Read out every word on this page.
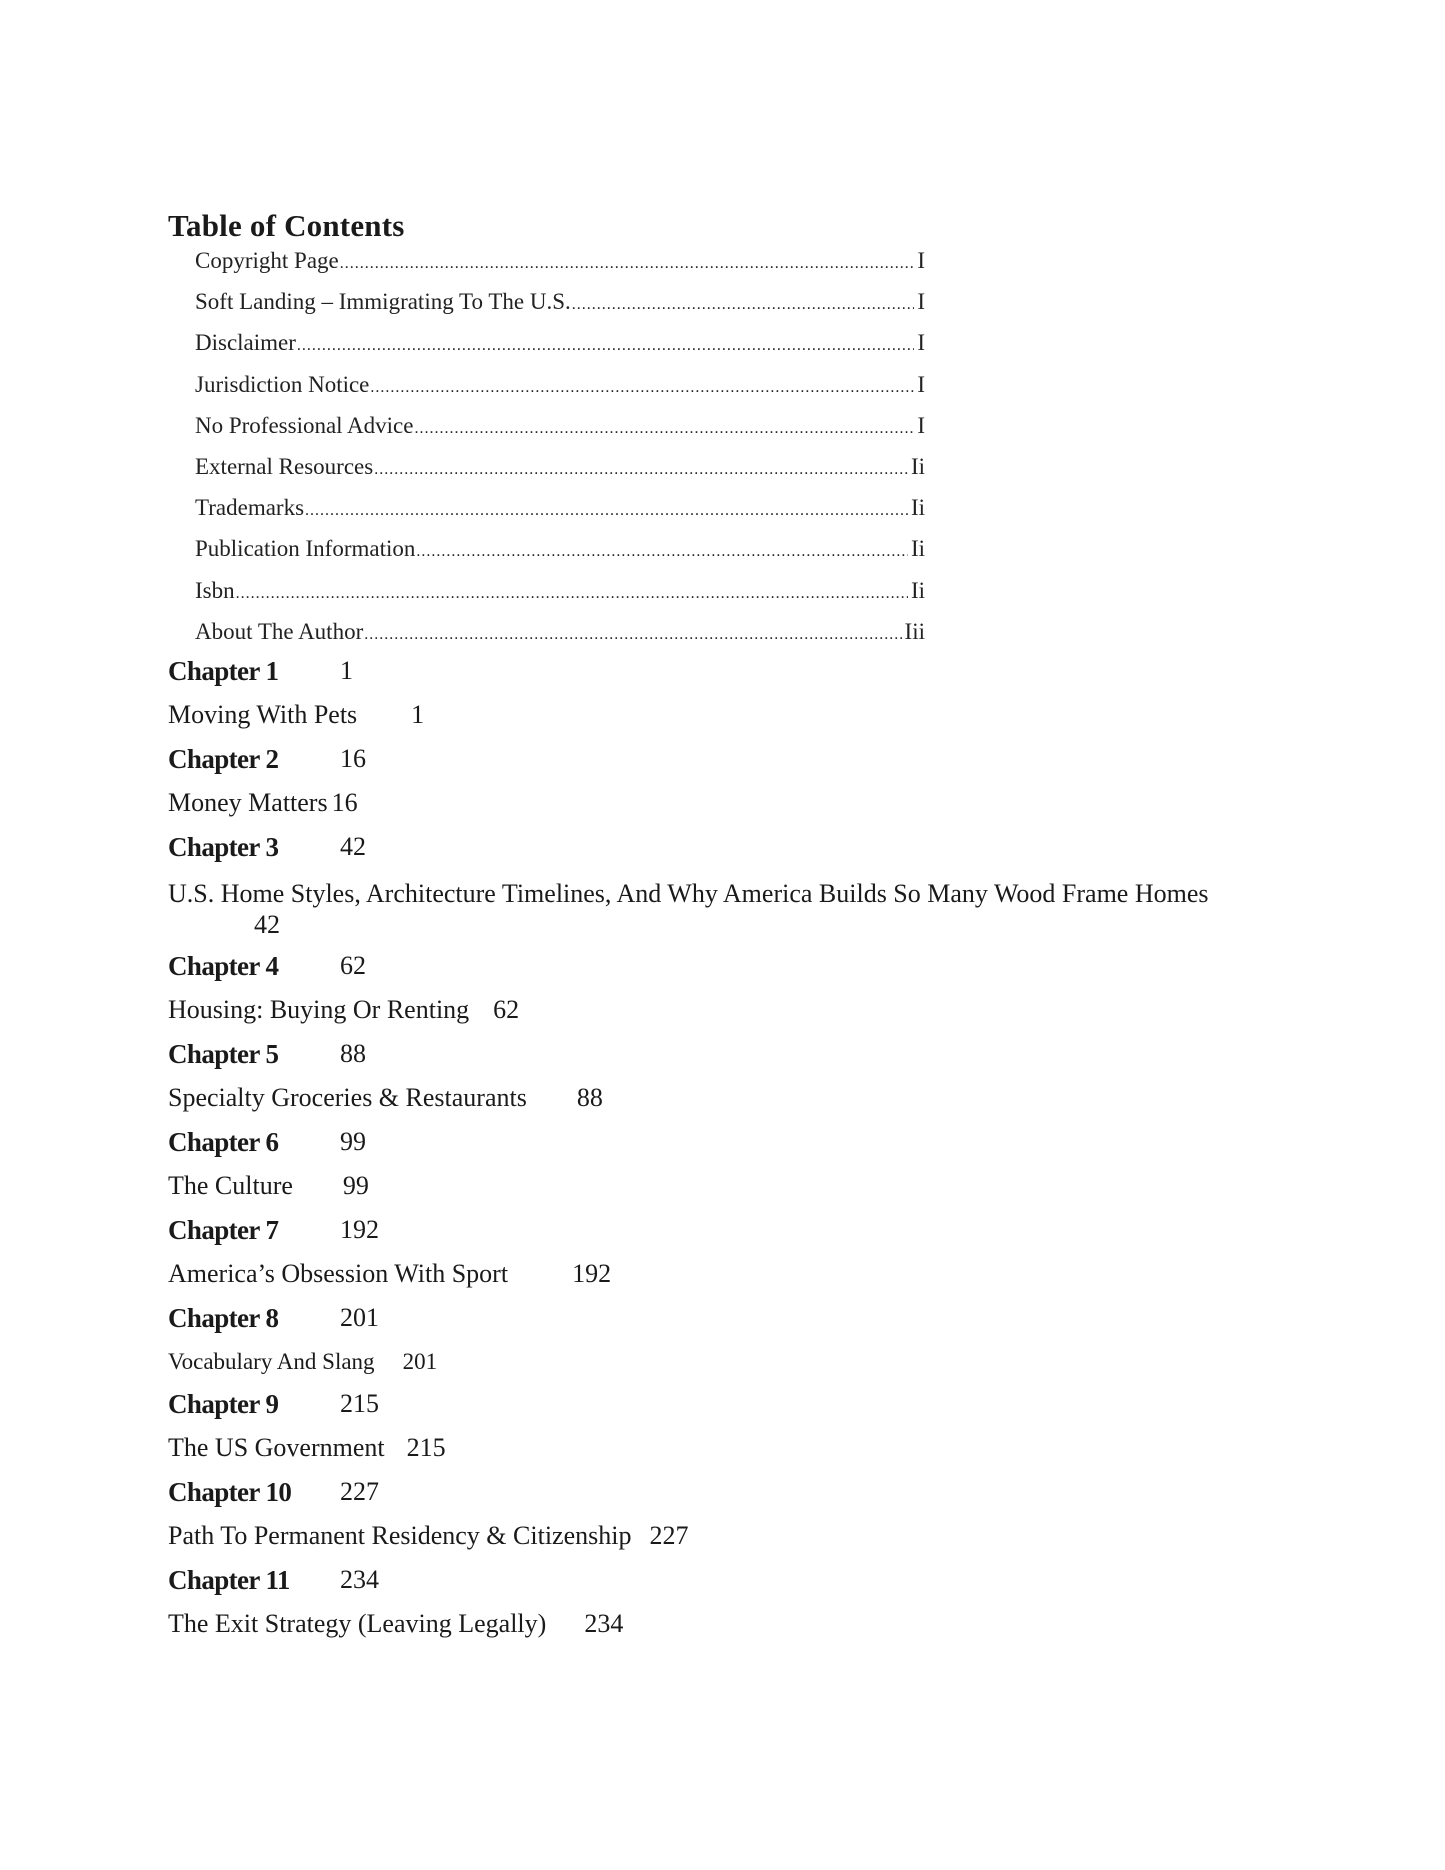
Table of Contents
Copyright Page .....	I
Soft Landing – Immigrating To The U.S. .....	I
Disclaimer .....	I
Jurisdiction Notice .....	I
No Professional Advice .....	I
External Resources .....	Ii
Trademarks .....	Ii
Publication Information .....	Ii
Isbn .....	Ii
About The Author .....	Iii
Chapter 1 1
Moving With Pets 1
Chapter 2 16
Money Matters 16
Chapter 3 42
U.S. Home Styles, Architecture Timelines, And Why America Builds So Many Wood Frame Homes
42
Chapter 4 62
Housing: Buying Or Renting 62
Chapter 5 88
Specialty Groceries & Restaurants 88
Chapter 6 99
The Culture 99
Chapter 7 192
America’s Obsession With Sport 192
Chapter 8 201
Vocabulary And Slang 201
Chapter 9 215
The US Government 215
Chapter 10 227
Path To Permanent Residency & Citizenship 227
Chapter 11 234
The Exit Strategy (Leaving Legally) 234
